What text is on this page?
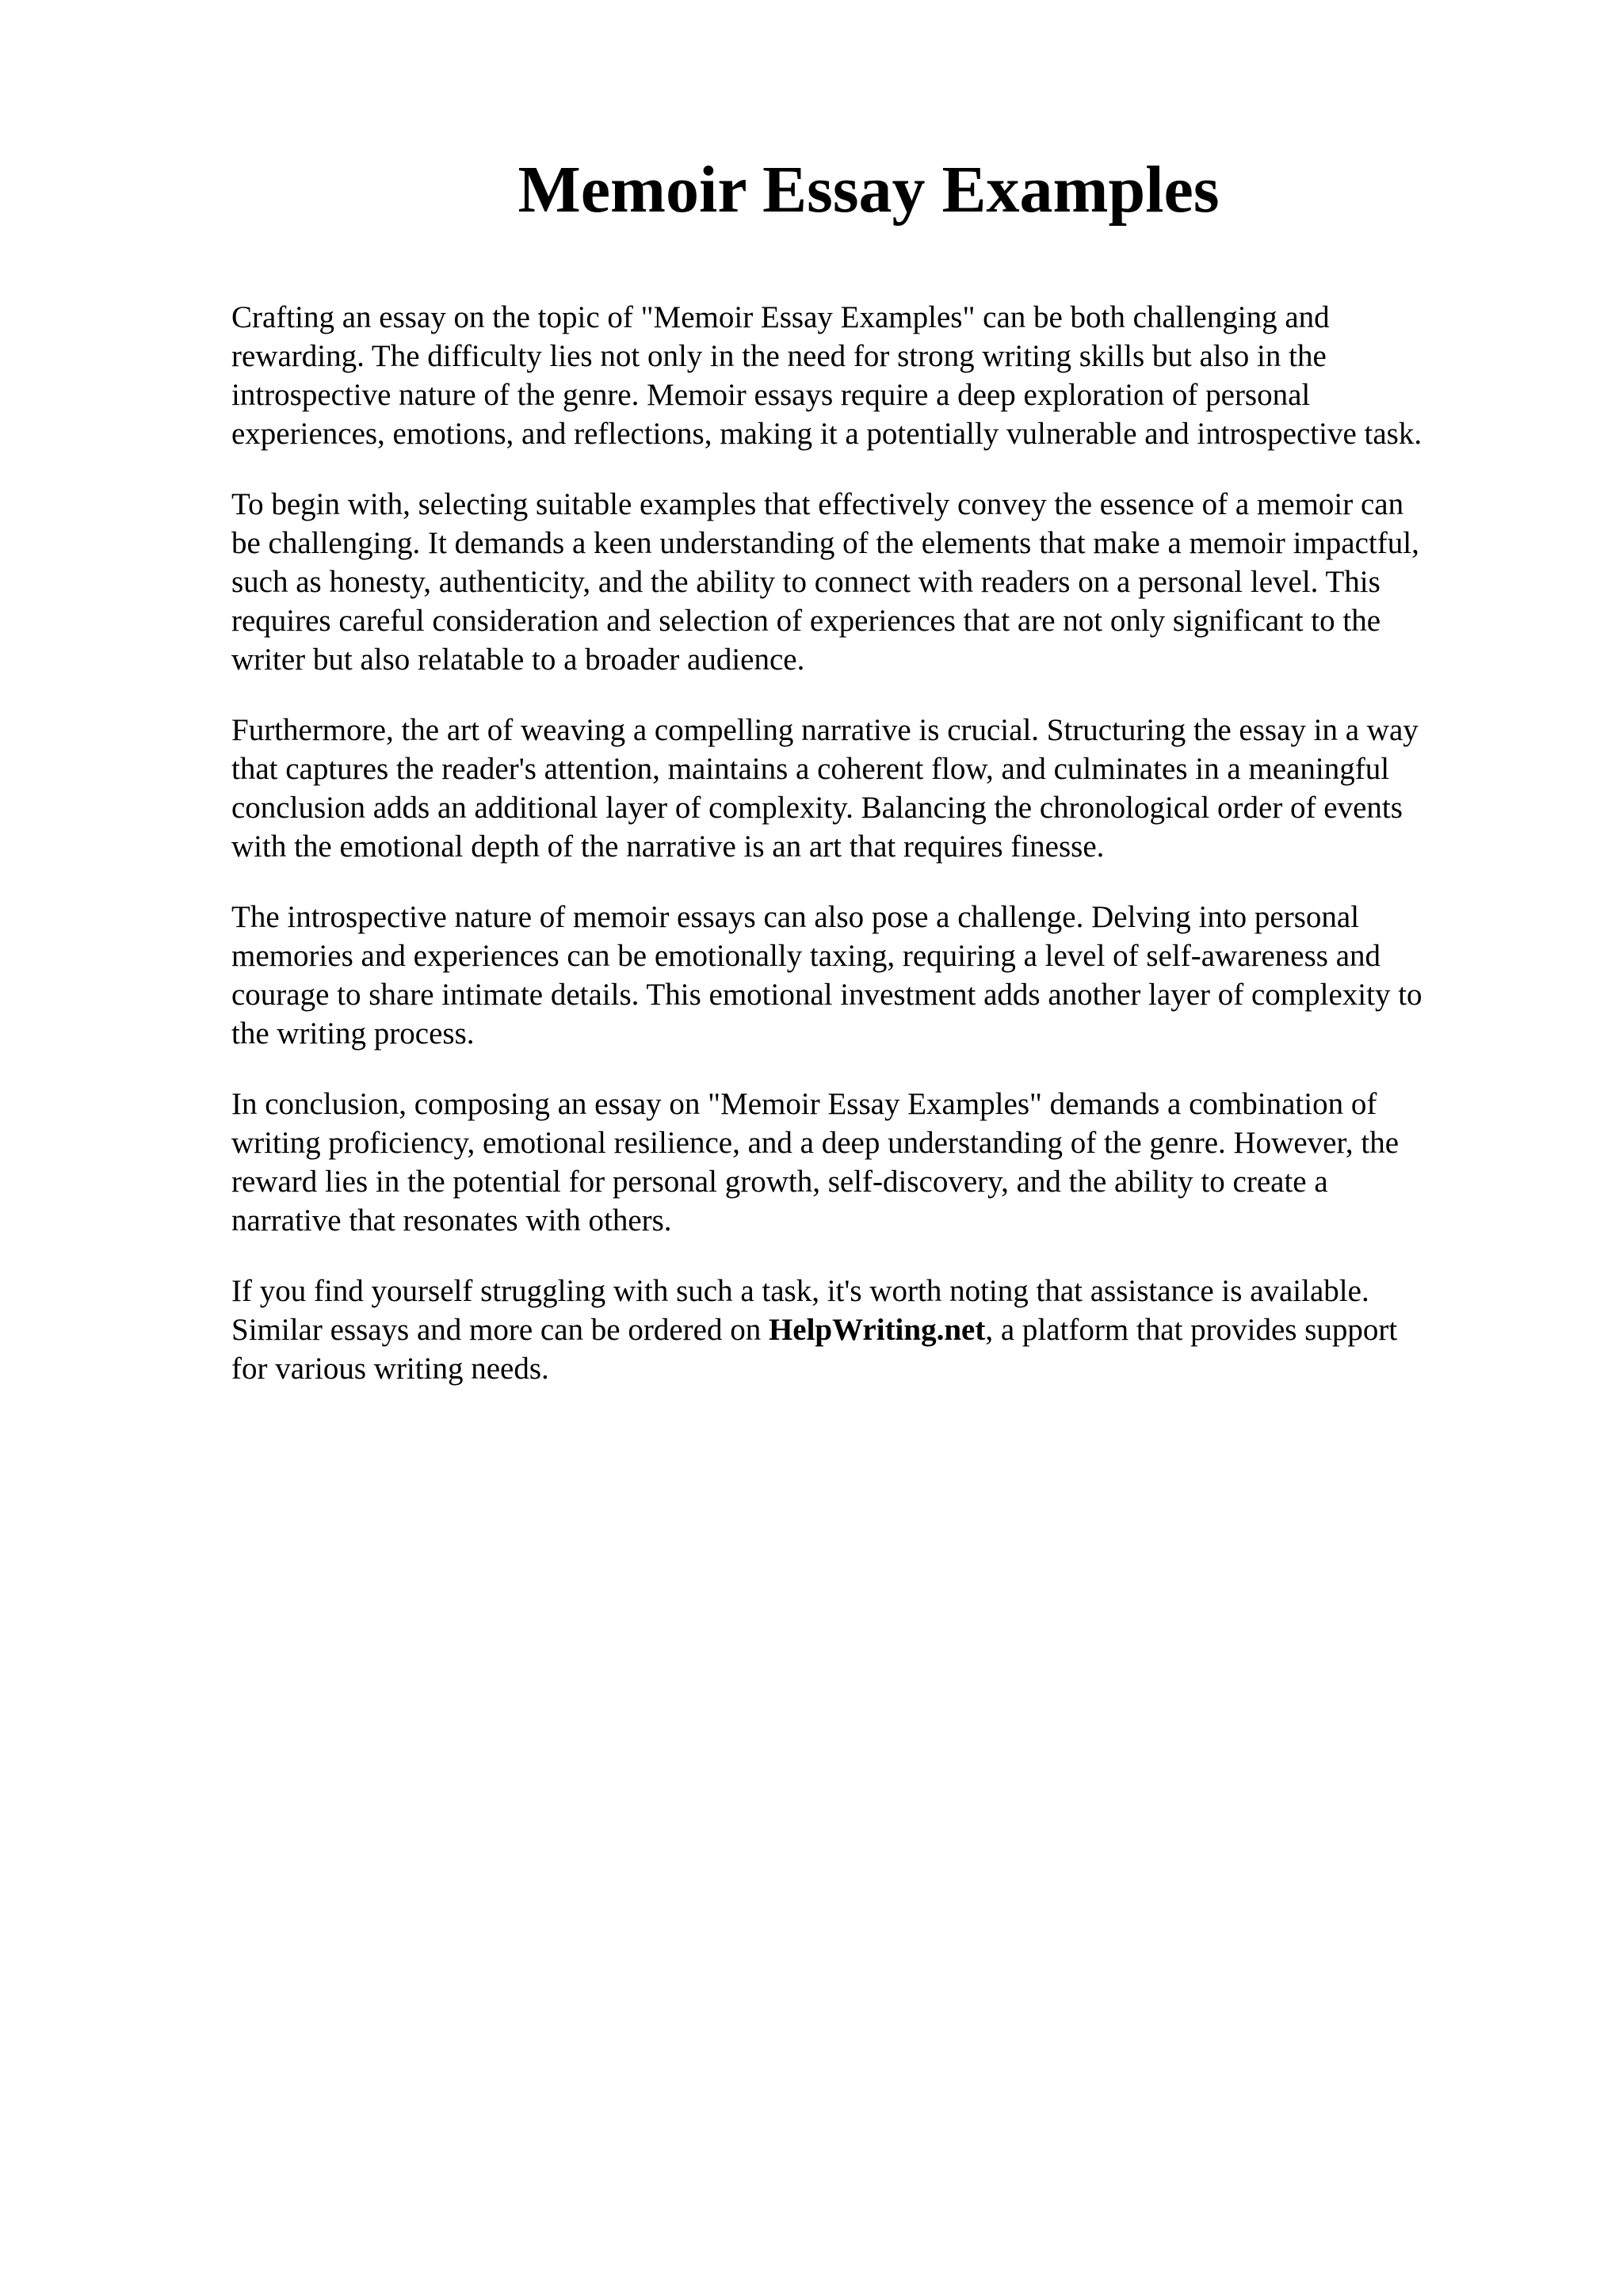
Memoir Essay Examples

Crafting an essay on the topic of "Memoir Essay Examples" can be both challenging and
rewarding. The difficulty lies not only in the need for strong writing skills but also in the
introspective nature of the genre. Memoir essays require a deep exploration of personal
experiences, emotions, and reflections, making it a potentially vulnerable and introspective task.

To begin with, selecting suitable examples that effectively convey the essence of a memoir can
be challenging. It demands a keen understanding of the elements that make a memoir impactful,
such as honesty, authenticity, and the ability to connect with readers on a personal level. This
requires careful consideration and selection of experiences that are not only significant to the
writer but also relatable to a broader audience.

Furthermore, the art of weaving a compelling narrative is crucial. Structuring the essay in a way
that captures the reader's attention, maintains a coherent flow, and culminates in a meaningful
conclusion adds an additional layer of complexity. Balancing the chronological order of events
with the emotional depth of the narrative is an art that requires finesse.

The introspective nature of memoir essays can also pose a challenge. Delving into personal
memories and experiences can be emotionally taxing, requiring a level of self-awareness and
courage to share intimate details. This emotional investment adds another layer of complexity to
the writing process.

In conclusion, composing an essay on "Memoir Essay Examples" demands a combination of
writing proficiency, emotional resilience, and a deep understanding of the genre. However, the
reward lies in the potential for personal growth, self-discovery, and the ability to create a
narrative that resonates with others.

If you find yourself struggling with such a task, it's worth noting that assistance is available.
Similar essays and more can be ordered on HelpWriting.net, a platform that provides support
for various writing needs.
